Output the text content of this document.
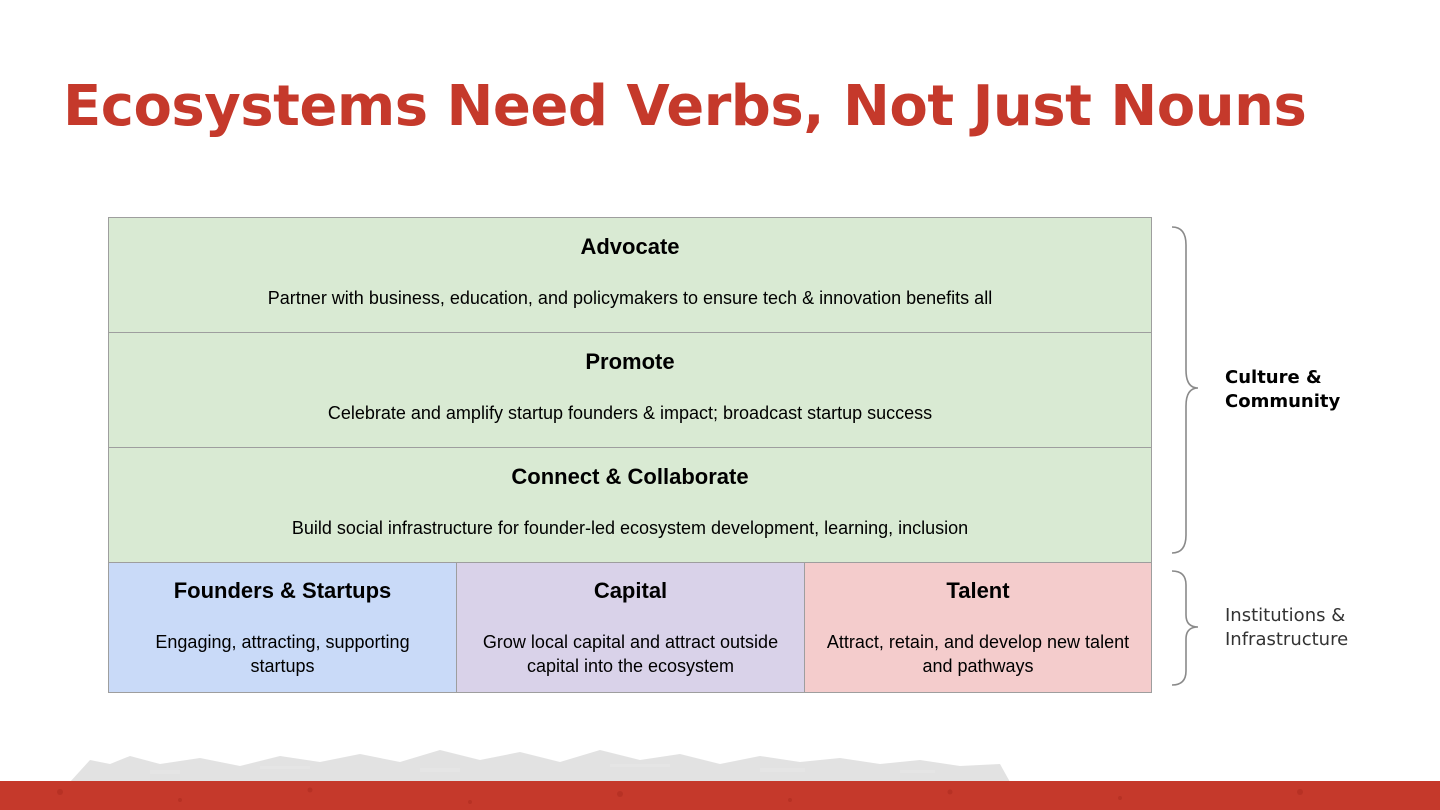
Ecosystems Need Verbs, Not Just Nouns
Advocate
Partner with business, education, and policymakers to ensure tech & innovation benefits all
Promote
Celebrate and amplify startup founders & impact; broadcast startup success
Connect & Collaborate
Build social infrastructure for founder-led ecosystem development, learning, inclusion
Founders & Startups
Engaging, attracting, supporting startups
Capital
Grow local capital and attract outside capital into the ecosystem
Talent
Attract, retain, and develop new talent and pathways
Culture &
Community
Institutions &
Infrastructure
